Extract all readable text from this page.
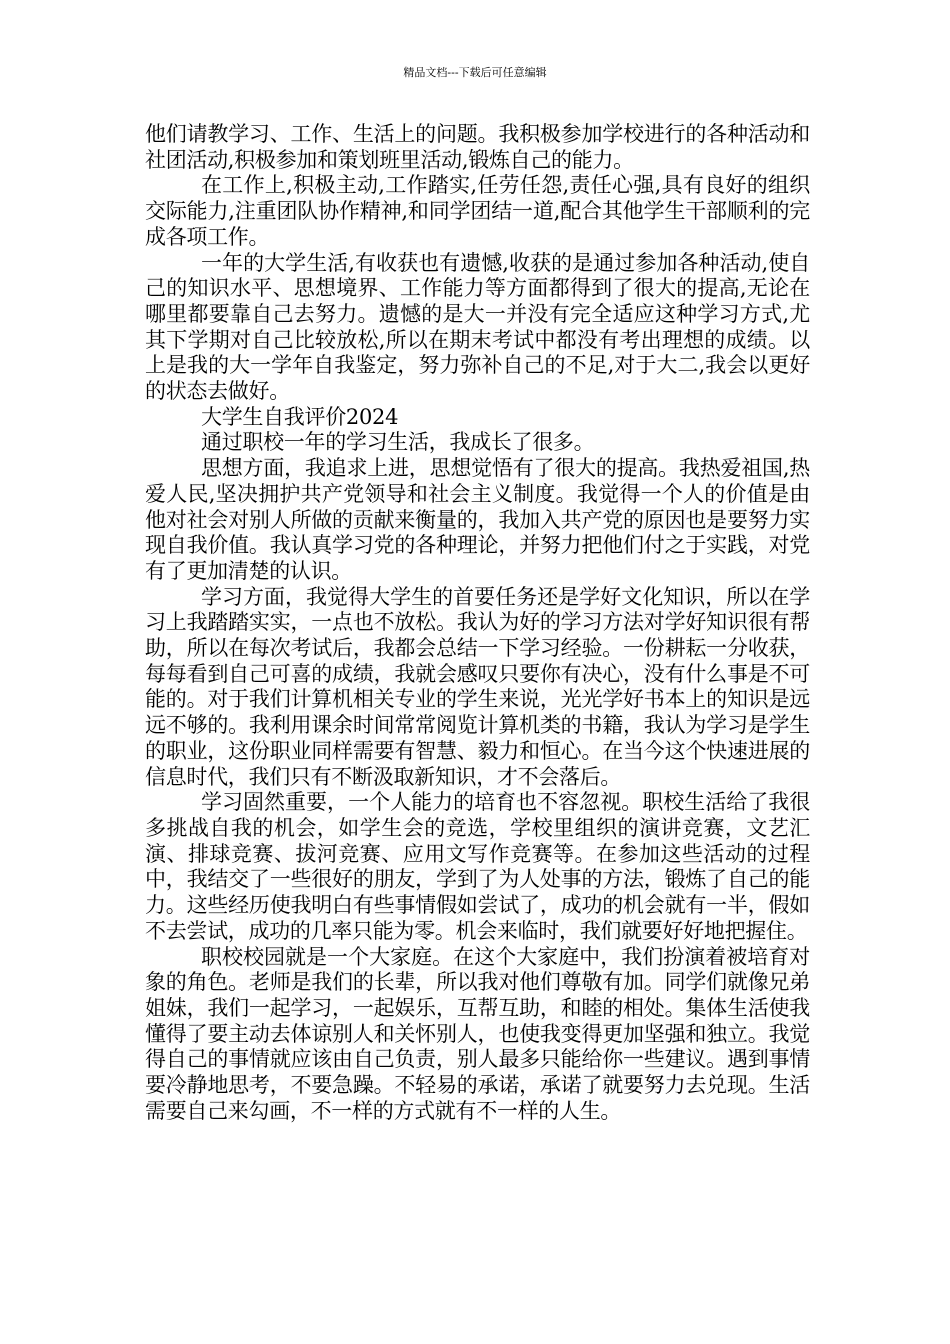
精品文档---下载后可任意编辑

他们请教学习、工作、生活上的问题。我积极参加学校进行的各种活动和社团活动,积极参加和策划班里活动,锻炼自己的能力。

在工作上,积极主动,工作踏实,任劳任怨,责任心强,具有良好的组织交际能力,注重团队协作精神,和同学团结一道,配合其他学生干部顺利的完成各项工作。

一年的大学生活,有收获也有遗憾,收获的是通过参加各种活动,使自己的知识水平、思想境界、工作能力等方面都得到了很大的提高,无论在哪里都要靠自己去努力。遗憾的是大一并没有完全适应这种学习方式,尤其下学期对自己比较放松,所以在期末考试中都没有考出理想的成绩。以上是我的大一学年自我鉴定，努力弥补自己的不足,对于大二,我会以更好的状态去做好。

大学生自我评价2024

通过职校一年的学习生活，我成长了很多。

思想方面，我追求上进，思想觉悟有了很大的提高。我热爱祖国,热爱人民,坚决拥护共产党领导和社会主义制度。我觉得一个人的价值是由他对社会对别人所做的贡献来衡量的，我加入共产党的原因也是要努力实现自我价值。我认真学习党的各种理论，并努力把他们付之于实践，对党有了更加清楚的认识。

学习方面，我觉得大学生的首要任务还是学好文化知识，所以在学习上我踏踏实实，一点也不放松。我认为好的学习方法对学好知识很有帮助，所以在每次考试后，我都会总结一下学习经验。一份耕耘一分收获，每每看到自己可喜的成绩，我就会感叹只要你有决心，没有什么事是不可能的。对于我们计算机相关专业的学生来说，光光学好书本上的知识是远远不够的。我利用课余时间常常阅览计算机类的书籍，我认为学习是学生的职业，这份职业同样需要有智慧、毅力和恒心。在当今这个快速进展的信息时代，我们只有不断汲取新知识，才不会落后。

学习固然重要，一个人能力的培育也不容忽视。职校生活给了我很多挑战自我的机会，如学生会的竞选，学校里组织的演讲竞赛，文艺汇演、排球竞赛、拔河竞赛、应用文写作竞赛等。在参加这些活动的过程中，我结交了一些很好的朋友，学到了为人处事的方法，锻炼了自己的能力。这些经历使我明白有些事情假如尝试了，成功的机会就有一半，假如不去尝试，成功的几率只能为零。机会来临时，我们就要好好地把握住。

职校校园就是一个大家庭。在这个大家庭中，我们扮演着被培育对象的角色。老师是我们的长辈，所以我对他们尊敬有加。同学们就像兄弟姐妹，我们一起学习，一起娱乐，互帮互助，和睦的相处。集体生活使我懂得了要主动去体谅别人和关怀别人，也使我变得更加坚强和独立。我觉得自己的事情就应该由自己负责，别人最多只能给你一些建议。遇到事情要冷静地思考，不要急躁。不轻易的承诺，承诺了就要努力去兑现。生活需要自己来勾画，不一样的方式就有不一样的人生。
